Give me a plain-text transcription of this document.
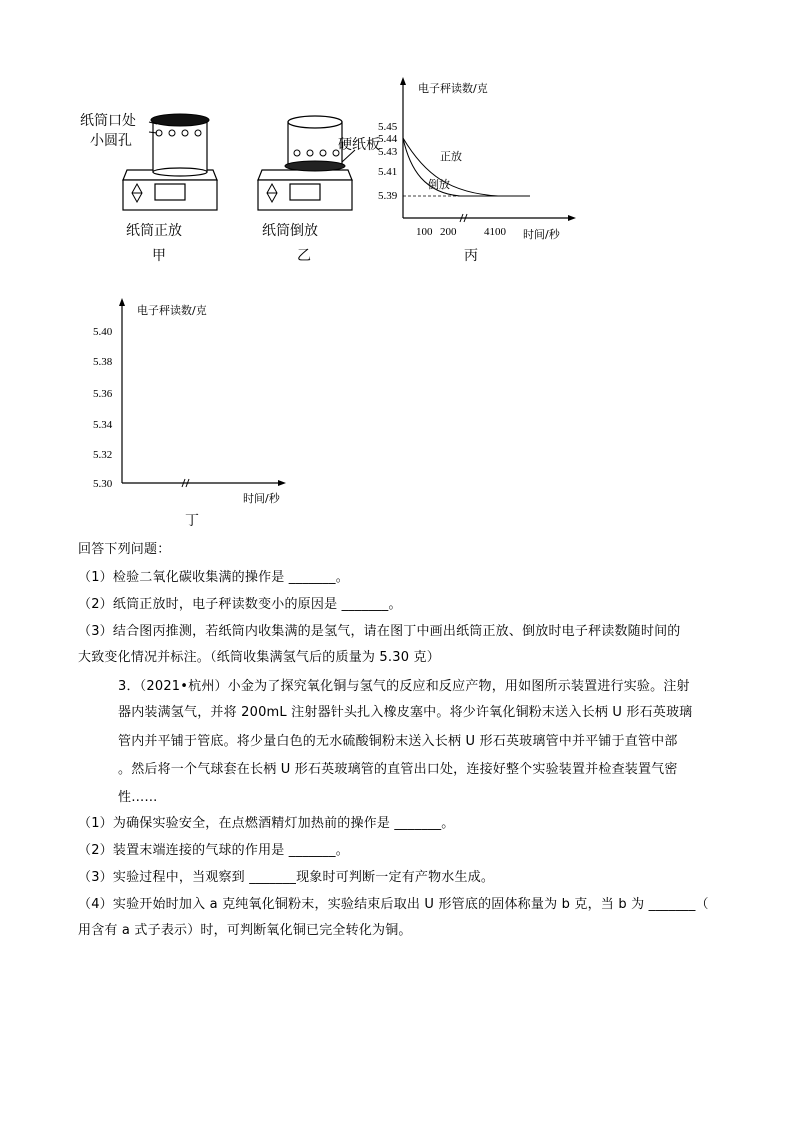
纸筒口处
小圆孔
纸筒正放
甲
硬纸板
纸筒倒放
乙
5.45
5.44
5.43
5.41
5.39
100 200	4100
正放
倒放
电子秤读数/克
时间/秒
丙
5.40
5.38
5.36
5.34
5.32
5.30
电子秤读数/克
时间/秒
丁
回答下列问题：
（1）检验二氧化碳收集满的操作是 _______。
（2）纸筒正放时，电子秤读数变小的原因是 _______。
（3）结合图丙推测，若纸筒内收集满的是氢气，请在图丁中画出纸筒正放、倒放时电子秤读数随时间的
大致变化情况并标注。（纸筒收集满氢气后的质量为 5.30 克）
3．（2021•杭州）小金为了探究氧化铜与氢气的反应和反应产物，用如图所示装置进行实验。注射
器内装满氢气，并将 200mL 注射器针头扎入橡皮塞中。将少许氧化铜粉末送入长柄 U 形石英玻璃
管内并平铺于管底。将少量白色的无水硫酸铜粉末送入长柄 U 形石英玻璃管中并平铺于直管中部
。然后将一个气球套在长柄 U 形石英玻璃管的直管出口处，连接好整个实验装置并检查装置气密
性……
（1）为确保实验安全，在点燃酒精灯加热前的操作是 _______。
（2）装置末端连接的气球的作用是 _______。
（3）实验过程中，当观察到 _______现象时可判断一定有产物水生成。
（4）实验开始时加入 a 克纯氧化铜粉末，实验结束后取出 U 形管底的固体称量为 b 克，当 b 为 _______（
用含有 a 式子表示）时，可判断氧化铜已完全转化为铜。
